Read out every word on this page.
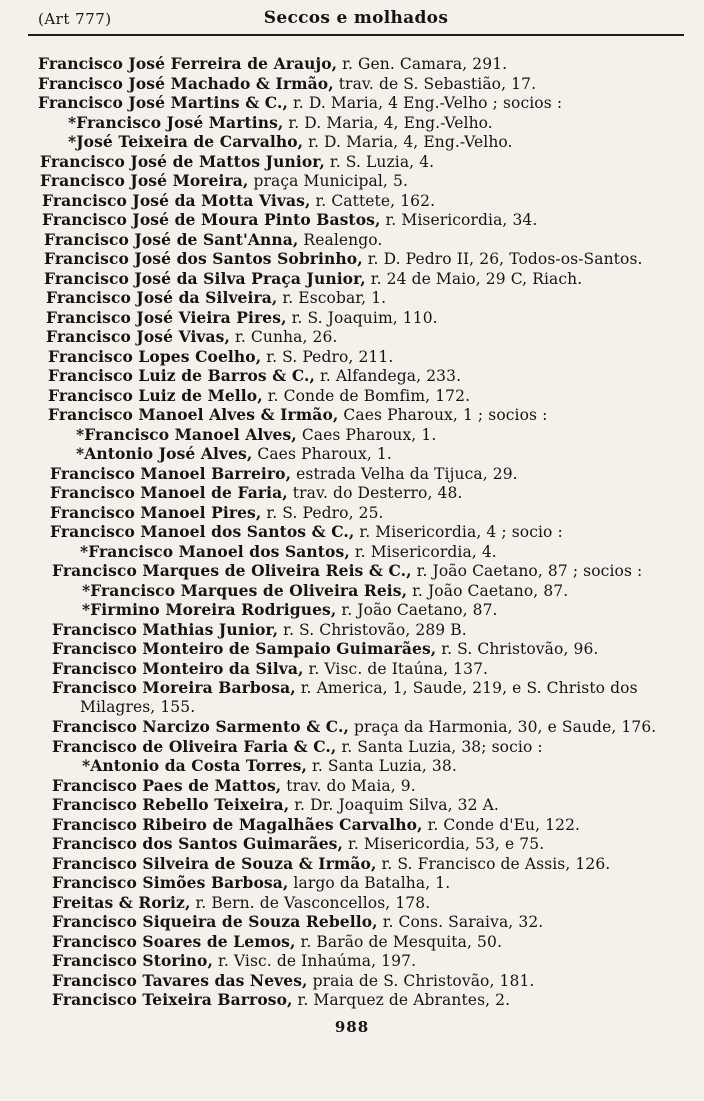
(Art 777)	Seccos e molhados
Francisco José Ferreira de Araujo, r. Gen. Camara, 291.
Francisco José Machado & Irmão, trav. de S. Sebastião, 17.
Francisco José Martins & C., r. D. Maria, 4 Eng.-Velho ; socios :
*Francisco José Martins, r. D. Maria, 4, Eng.-Velho.
*José Teixeira de Carvalho, r. D. Maria, 4, Eng.-Velho.
Francisco José de Mattos Junior, r. S. Luzia, 4.
Francisco José Moreira, praça Municipal, 5.
Francisco José da Motta Vivas, r. Cattete, 162.
Francisco José de Moura Pinto Bastos, r. Misericordia, 34.
Francisco José de Sant'Anna, Realengo.
Francisco José dos Santos Sobrinho, r. D. Pedro II, 26, Todos-os-Santos.
Francisco José da Silva Praça Junior, r. 24 de Maio, 29 C, Riach.
Francisco José da Silveira, r. Escobar, 1.
Francisco José Vieira Pires, r. S. Joaquim, 110.
Francisco José Vivas, r. Cunha, 26.
Francisco Lopes Coelho, r. S. Pedro, 211.
Francisco Luiz de Barros & C., r. Alfandega, 233.
Francisco Luiz de Mello, r. Conde de Bomfim, 172.
Francisco Manoel Alves & Irmão, Caes Pharoux, 1 ; socios :
*Francisco Manoel Alves, Caes Pharoux, 1.
*Antonio José Alves, Caes Pharoux, 1.
Francisco Manoel Barreiro, estrada Velha da Tijuca, 29.
Francisco Manoel de Faria, trav. do Desterro, 48.
Francisco Manoel Pires, r. S. Pedro, 25.
Francisco Manoel dos Santos & C., r. Misericordia, 4 ; socio :
*Francisco Manoel dos Santos, r. Misericordia, 4.
Francisco Marques de Oliveira Reis & C., r. João Caetano, 87 ; socios :
*Francisco Marques de Oliveira Reis, r. João Caetano, 87.
*Firmino Moreira Rodrigues, r. João Caetano, 87.
Francisco Mathias Junior, r. S. Christovão, 289 B.
Francisco Monteiro de Sampaio Guimarães, r. S. Christovão, 96.
Francisco Monteiro da Silva, r. Visc. de Itaúna, 137.
Francisco Moreira Barbosa, r. America, 1, Saude, 219, e S. Christo dos
Milagres, 155.
Francisco Narcizo Sarmento & C., praça da Harmonia, 30, e Saude, 176.
Francisco de Oliveira Faria & C., r. Santa Luzia, 38; socio :
*Antonio da Costa Torres, r. Santa Luzia, 38.
Francisco Paes de Mattos, trav. do Maia, 9.
Francisco Rebello Teixeira, r. Dr. Joaquim Silva, 32 A.
Francisco Ribeiro de Magalhães Carvalho, r. Conde d'Eu, 122.
Francisco dos Santos Guimarães, r. Misericordia, 53, e 75.
Francisco Silveira de Souza & Irmão, r. S. Francisco de Assis, 126.
Francisco Simões Barbosa, largo da Batalha, 1.
Freitas & Roriz, r. Bern. de Vasconcellos, 178.
Francisco Siqueira de Souza Rebello, r. Cons. Saraiva, 32.
Francisco Soares de Lemos, r. Barão de Mesquita, 50.
Francisco Storino, r. Visc. de Inhaúma, 197.
Francisco Tavares das Neves, praia de S. Christovão, 181.
Francisco Teixeira Barroso, r. Marquez de Abrantes, 2.
988
